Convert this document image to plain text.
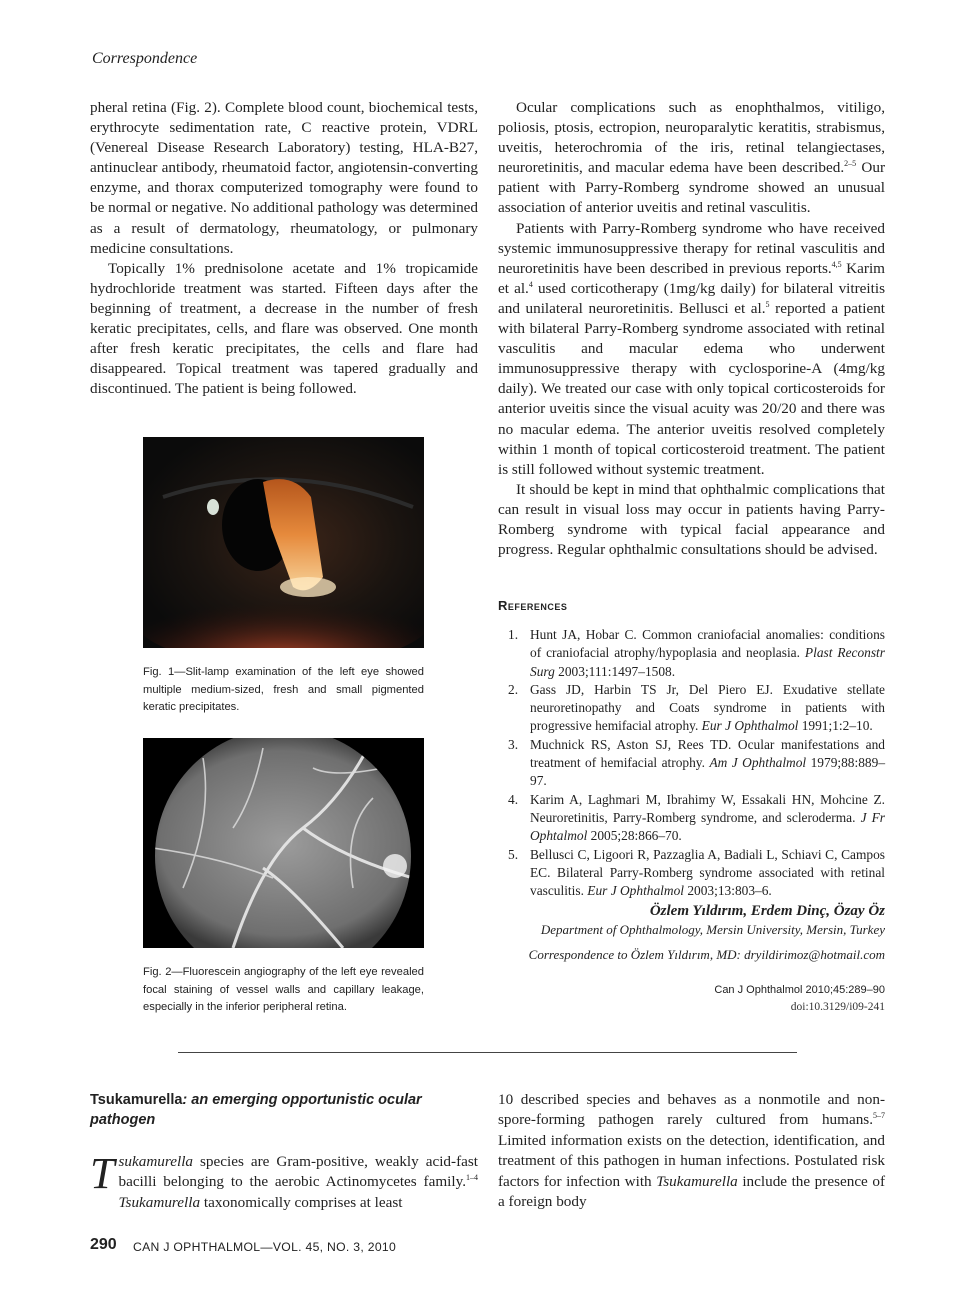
Correspondence

pheral retina (Fig. 2). Complete blood count, biochemical tests, erythrocyte sedimentation rate, C reactive protein, VDRL (Venereal Disease Research Laboratory) testing, HLA-B27, antinuclear antibody, rheumatoid factor, angiotensin-converting enzyme, and thorax computerized tomography were found to be normal or negative. No additional pathology was determined as a result of dermatology, rheumatology, or pulmonary medicine consultations.

Topically 1% prednisolone acetate and 1% tropicamide hydrochloride treatment was started. Fifteen days after the beginning of treatment, a decrease in the number of fresh keratic precipitates, cells, and flare was observed. One month after fresh keratic precipitates, the cells and flare had disappeared. Topical treatment was tapered gradually and discontinued. The patient is being followed.

Fig. 1—Slit-lamp examination of the left eye showed multiple medium-sized, fresh and small pigmented keratic precipitates.
Fig. 2—Fluorescein angiography of the left eye revealed focal staining of vessel walls and capillary leakage, especially in the inferior peripheral retina.

Ocular complications such as enophthalmos, vitiligo, poliosis, ptosis, ectropion, neuroparalytic keratitis, strabismus, uveitis, heterochromia of the iris, retinal telangiectases, neuroretinitis, and macular edema have been described.$^{2-5}$ Our patient with Parry-Romberg syndrome showed an unusual association of anterior uveitis and retinal vasculitis.

Patients with Parry-Romberg syndrome who have received systemic immunosuppressive therapy for retinal vasculitis and neuroretinitis have been described in previous reports.$^{4,5}$ Karim et al.$^4$ used corticotherapy (1mg/kg daily) for bilateral vitreitis and unilateral neuroretinitis. Bellusci et al.$^5$ reported a patient with bilateral Parry-Romberg syndrome associated with retinal vasculitis and macular edema who underwent immunosuppressive therapy with cyclosporine-A (4mg/kg daily). We treated our case with only topical corticosteroids for anterior uveitis since the visual acuity was 20/20 and there was no macular edema. The anterior uveitis resolved completely within 1 month of topical corticosteroid treatment. The patient is still followed without systemic treatment.

It should be kept in mind that ophthalmic complications that can result in visual loss may occur in patients having Parry-Romberg syndrome with typical facial appearance and progress. Regular ophthalmic consultations should be advised.

References
1. Hunt JA, Hobar C. Common craniofacial anomalies: conditions of craniofacial atrophy/hypoplasia and neoplasia. Plast Reconstr Surg 2003;111:1497–1508.
2. Gass JD, Harbin TS Jr, Del Piero EJ. Exudative stellate neuroretinopathy and Coats syndrome in patients with progressive hemifacial atrophy. Eur J Ophthalmol 1991;1:2–10.
3. Muchnick RS, Aston SJ, Rees TD. Ocular manifestations and treatment of hemifacial atrophy. Am J Ophthalmol 1979;88:889–97.
4. Karim A, Laghmari M, Ibrahimy W, Essakali HN, Mohcine Z. Neuroretinitis, Parry-Romberg syndrome, and scleroderma. J Fr Ophtalmol 2005;28:866–70.
5. Bellusci C, Ligoori R, Pazzaglia A, Badiali L, Schiavi C, Campos EC. Bilateral Parry-Romberg syndrome associated with retinal vasculitis. Eur J Ophthalmol 2003;13:803–6.
Özlem Yıldırım, Erdem Dinç, Özay Öz
Department of Ophthalmology, Mersin University, Mersin, Turkey
Correspondence to Özlem Yıldırım, MD: dryildirimoz@hotmail.com
Can J Ophthalmol 2010;45:289–90
doi:10.3129/i09-241
Tsukamurella: an emerging opportunistic ocular pathogen
Tsukamurella species are Gram-positive, weakly acid-fast bacilli belonging to the aerobic Actinomycetes family.$^{1-4}$ Tsukamurella taxonomically comprises at least
10 described species and behaves as a nonmotile and non-spore-forming pathogen rarely cultured from humans.$^{5-7}$ Limited information exists on the detection, identification, and treatment of this pathogen in human infections. Postulated risk factors for infection with Tsukamurella include the presence of a foreign body
290 CAN J OPHTHALMOL—VOL. 45, NO. 3, 2010
